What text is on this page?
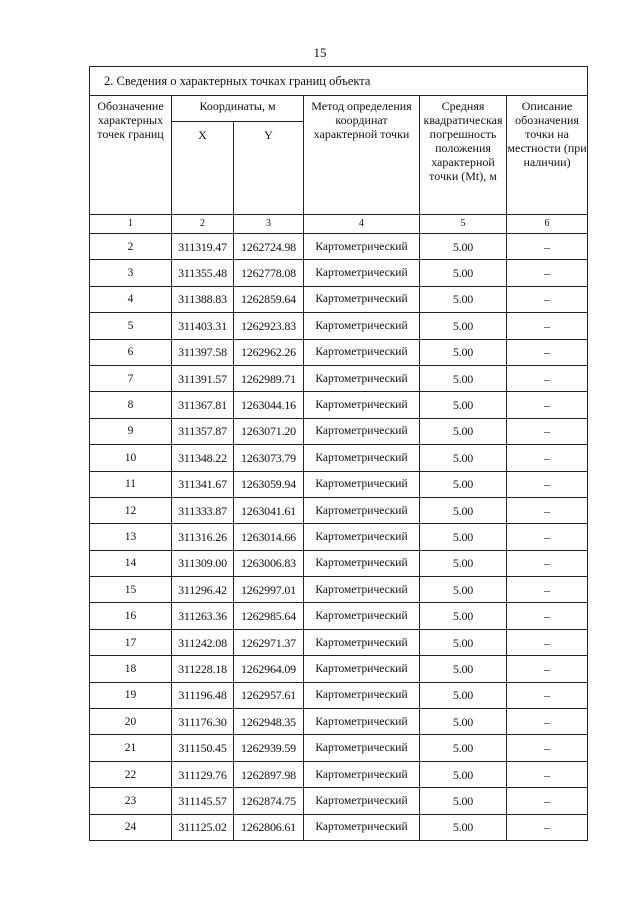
15
2. Сведения о характерных точках границ объекта					
Обозначение характерных точек границ	Координаты, м		Метод определения координат характерной точки	Средняя квадратическая погрешность положения характерной точки (Mt), м	Описание обозначения точки на местности (при наличии)
	X	Y			
1	2	3	4	5	6
2	311319.47	1262724.98	Картометрический	5.00	–
3	311355.48	1262778.08	Картометрический	5.00	–
4	311388.83	1262859.64	Картометрический	5.00	–
5	311403.31	1262923.83	Картометрический	5.00	–
6	311397.58	1262962.26	Картометрический	5.00	–
7	311391.57	1262989.71	Картометрический	5.00	–
8	311367.81	1263044.16	Картометрический	5.00	–
9	311357.87	1263071.20	Картометрический	5.00	–
10	311348.22	1263073.79	Картометрический	5.00	–
11	311341.67	1263059.94	Картометрический	5.00	–
12	311333.87	1263041.61	Картометрический	5.00	–
13	311316.26	1263014.66	Картометрический	5.00	–
14	311309.00	1263006.83	Картометрический	5.00	–
15	311296.42	1262997.01	Картометрический	5.00	–
16	311263.36	1262985.64	Картометрический	5.00	–
17	311242.08	1262971.37	Картометрический	5.00	–
18	311228.18	1262964.09	Картометрический	5.00	–
19	311196.48	1262957.61	Картометрический	5.00	–
20	311176.30	1262948.35	Картометрический	5.00	–
21	311150.45	1262939.59	Картометрический	5.00	–
22	311129.76	1262897.98	Картометрический	5.00	–
23	311145.57	1262874.75	Картометрический	5.00	–
24	311125.02	1262806.61	Картометрический	5.00	–
